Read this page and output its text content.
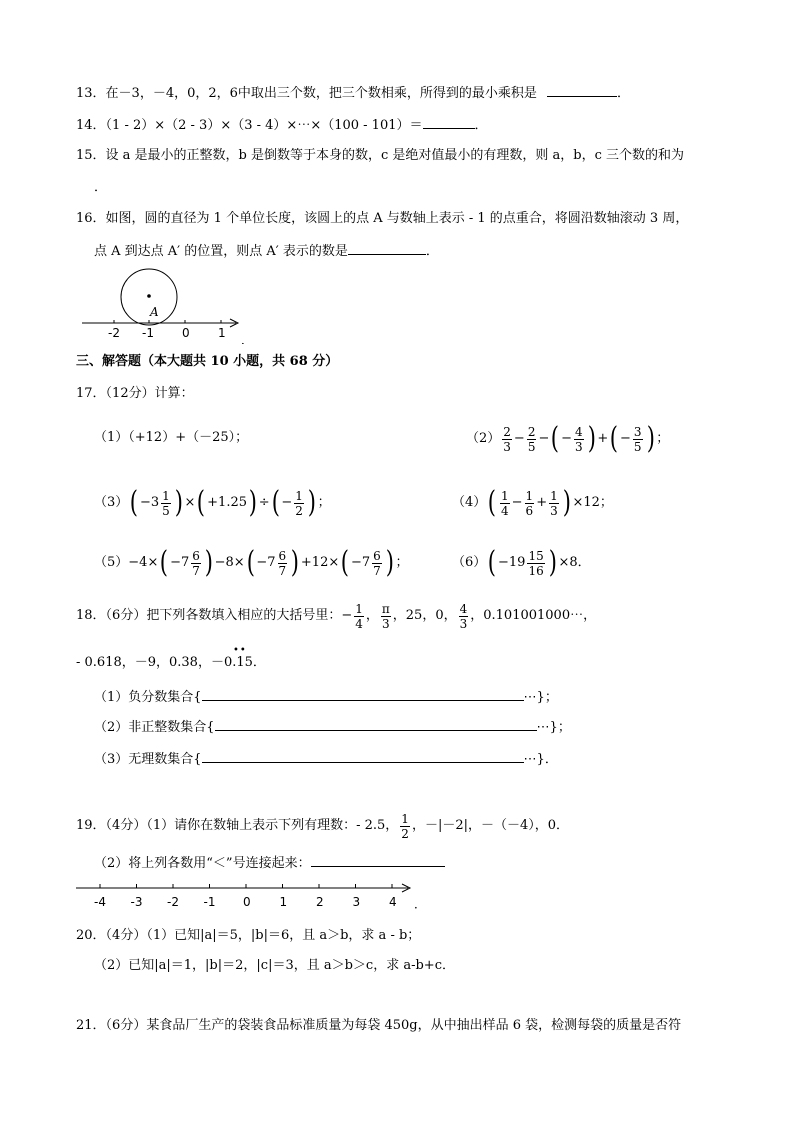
13．在－3，－4，0，2，6中取出三个数，把三个数相乘，所得到的最小乘积是	．
14．（1 - 2）×（2 - 3）×（3 - 4）×⋯×（100 - 101）＝	．
15．设 a 是最小的正整数，b 是倒数等于本身的数，c 是绝对值最小的有理数，则 a，b，c 三个数的和为
．
16．如图，圆的直径为 1 个单位长度，该圆上的点 A 与数轴上表示 - 1 的点重合，将圆沿数轴滚动 3 周，
点 A 到达点 A′ 的位置，则点 A′ 表示的数是	．
-2 -1 0 1
A
．
三、解答题（本大题共 10 小题，共 68 分）
17．（12分）计算：
（1）（+12）+（－25）；	$(2) \frac{2}{3} - \frac{2}{5}$ − ( − $\frac{4}{3}$ ) + ( − $\frac{3}{5}$ ) ；
（3） ( $-3 \frac{1}{5}$ ) × ( +1.25 ) ÷ ( − $\frac{1}{2}$ ) ；	（4） ( $\frac{1}{4} - \frac{1}{6} + \frac{1}{3}$ ) ×12；
（5） −4× ( $-7 \frac{6}{7}$ ) −8× ( $-7 \frac{6}{7}$ ) +12× ( $-7 \frac{6}{7}$ ) ；	（6） ( $-19 \frac{15}{16}$ ) ×8．
18．（6分）把下列各数填入相应的大括号里： − $\frac{1}{4}$ ， $\frac{\pi}{3}$ ，25，0， $\frac{4}{3}$ ，0.101001000⋯，
••
- 0.618，－9，0.38，－0.15．
（1）负分数集合{	⋯}；
（2）非正整数集合{	⋯}；
（3）无理数集合{	⋯}．
19．（4分）（1）请你在数轴上表示下列有理数：- 2.5， $\frac{1}{2}$ ，－|－2|，－（－4），0．
（2）将上列各数用“＜”号连接起来：
-4 -3 -2 -1 0 1 2 3 4 ．
20．（4分）（1）已知|a|＝5，|b|＝6，且 a＞b，求 a - b；
（2）已知|a|＝1，|b|＝2，|c|＝3，且 a＞b＞c，求 a-b+c．
21．（6分）某食品厂生产的袋装食品标准质量为每袋 450g，从中抽出样品 6 袋，检测每袋的质量是否符
